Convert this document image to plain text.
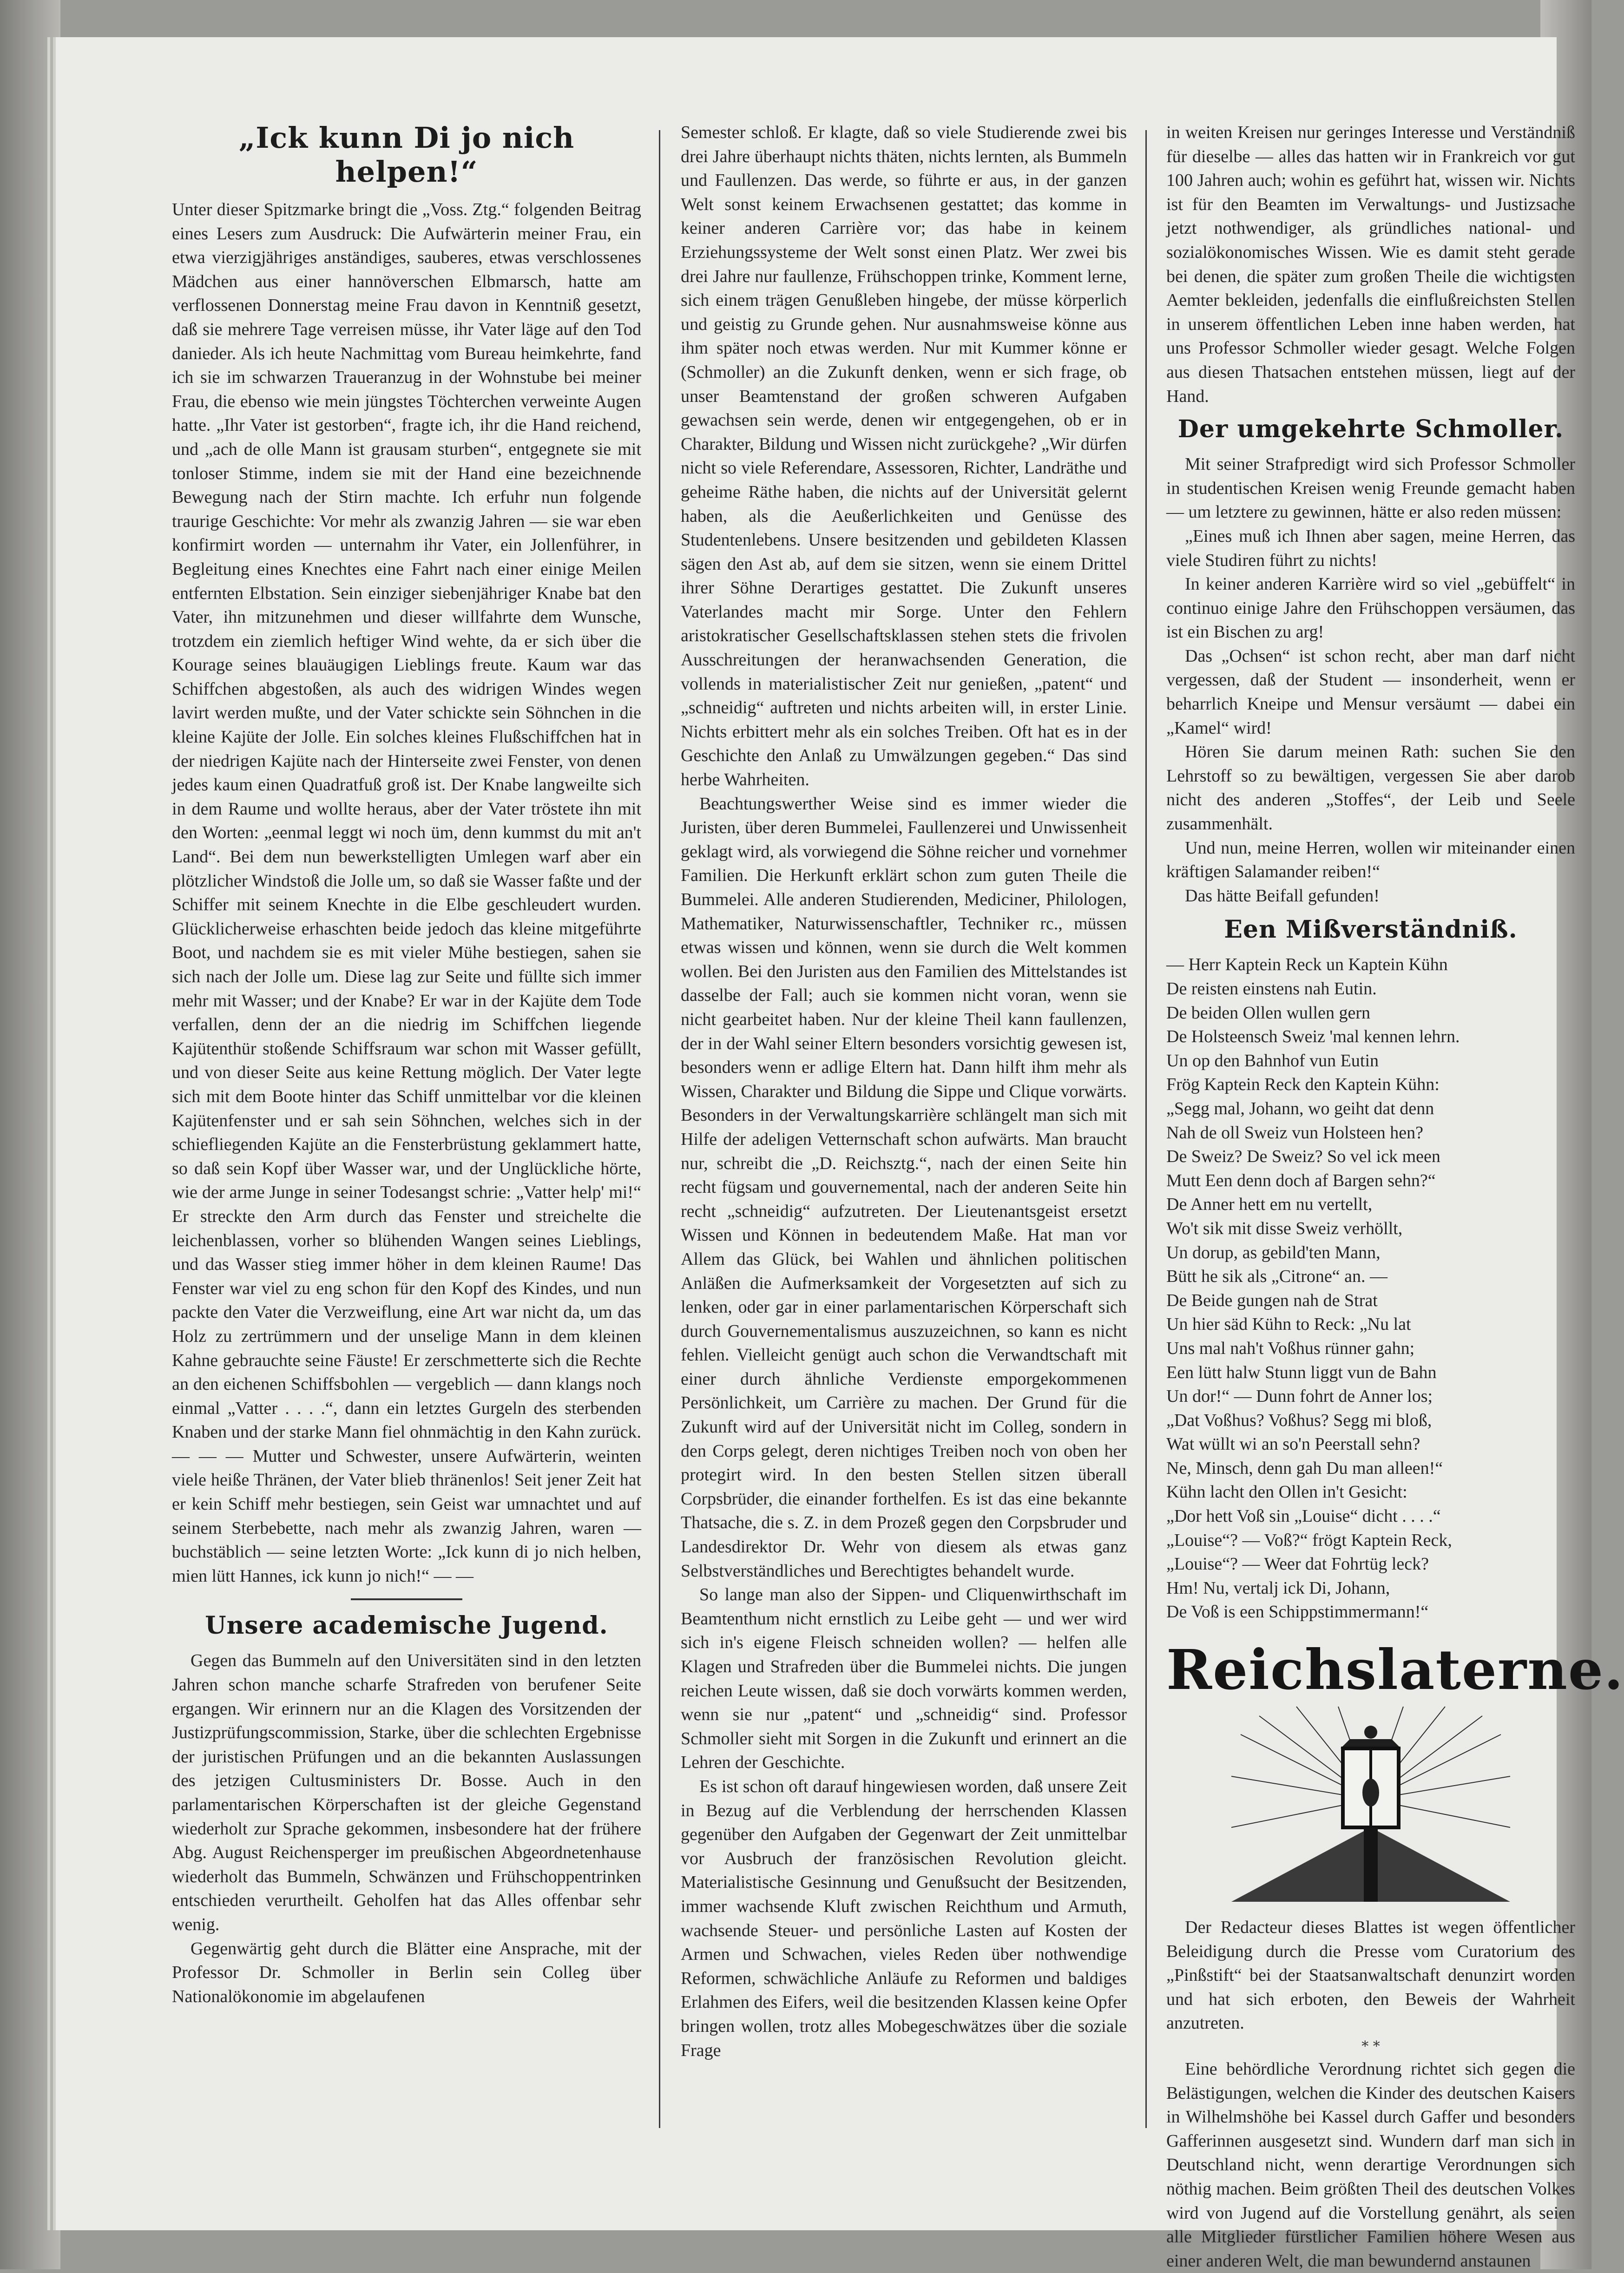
„Ick kunn Di jo nich helpen!“

Unter dieser Spitzmarke bringt die „Voss. Ztg.“ folgenden Beitrag eines Lesers zum Ausdruck: Die Aufwärterin meiner Frau, ein etwa vierzigjähriges anständiges, sauberes, etwas verschlossenes Mädchen aus einer hannöverschen Elbmarsch, hatte am verflossenen Donnerstag meine Frau davon in Kenntniß gesetzt, daß sie mehrere Tage verreisen müsse, ihr Vater läge auf den Tod danieder. Als ich heute Nachmittag vom Bureau heimkehrte, fand ich sie im schwarzen Traueranzug in der Wohnstube bei meiner Frau, die ebenso wie mein jüngstes Töchterchen verweinte Augen hatte. „Ihr Vater ist gestorben“, fragte ich, ihr die Hand reichend, und „ach de olle Mann ist grausam sturben“, entgegnete sie mit tonloser Stimme, indem sie mit der Hand eine bezeichnende Bewegung nach der Stirn machte. Ich erfuhr nun folgende traurige Geschichte: Vor mehr als zwanzig Jahren — sie war eben konfirmirt worden — unternahm ihr Vater, ein Jollenführer, in Begleitung eines Knechtes eine Fahrt nach einer einige Meilen entfernten Elbstation. Sein einziger siebenjähriger Knabe bat den Vater, ihn mitzunehmen und dieser willfahrte dem Wunsche, trotzdem ein ziemlich heftiger Wind wehte, da er sich über die Kourage seines blauäugigen Lieblings freute. Kaum war das Schiffchen abgestoßen, als auch des widrigen Windes wegen lavirt werden mußte, und der Vater schickte sein Söhnchen in die kleine Kajüte der Jolle. Ein solches kleines Flußschiffchen hat in der niedrigen Kajüte nach der Hinterseite zwei Fenster, von denen jedes kaum einen Quadratfuß groß ist. Der Knabe langweilte sich in dem Raume und wollte heraus, aber der Vater tröstete ihn mit den Worten: „eenmal leggt wi noch üm, denn kummst du mit an't Land“. Bei dem nun bewerkstelligten Umlegen warf aber ein plötzlicher Windstoß die Jolle um, so daß sie Wasser faßte und der Schiffer mit seinem Knechte in die Elbe geschleudert wurden. Glücklicherweise erhaschten beide jedoch das kleine mitgeführte Boot, und nachdem sie es mit vieler Mühe bestiegen, sahen sie sich nach der Jolle um. Diese lag zur Seite und füllte sich immer mehr mit Wasser; und der Knabe? Er war in der Kajüte dem Tode verfallen, denn der an die niedrig im Schiffchen liegende Kajütenthür stoßende Schiffsraum war schon mit Wasser gefüllt, und von dieser Seite aus keine Rettung möglich. Der Vater legte sich mit dem Boote hinter das Schiff unmittelbar vor die kleinen Kajütenfenster und er sah sein Söhnchen, welches sich in der schiefliegenden Kajüte an die Fensterbrüstung geklammert hatte, so daß sein Kopf über Wasser war, und der Unglückliche hörte, wie der arme Junge in seiner Todesangst schrie: „Vatter help' mi!“ Er streckte den Arm durch das Fenster und streichelte die leichenblassen, vorher so blühenden Wangen seines Lieblings, und das Wasser stieg immer höher in dem kleinen Raume! Das Fenster war viel zu eng schon für den Kopf des Kindes, und nun packte den Vater die Verzweiflung, eine Art war nicht da, um das Holz zu zertrümmern und der unselige Mann in dem kleinen Kahne gebrauchte seine Fäuste! Er zerschmetterte sich die Rechte an den eichenen Schiffsbohlen — vergeblich — dann klangs noch einmal „Vatter . . . .“, dann ein letztes Gurgeln des sterbenden Knaben und der starke Mann fiel ohnmächtig in den Kahn zurück. — — — Mutter und Schwester, unsere Aufwärterin, weinten viele heiße Thränen, der Vater blieb thränenlos! Seit jener Zeit hat er kein Schiff mehr bestiegen, sein Geist war umnachtet und auf seinem Sterbebette, nach mehr als zwanzig Jahren, waren — buchstäblich — seine letzten Worte: „Ick kunn di jo nich helben, mien lütt Hannes, ick kunn jo nich!“ — —

Unsere academische Jugend.

Gegen das Bummeln auf den Universitäten sind in den letzten Jahren schon manche scharfe Strafreden von berufener Seite ergangen. Wir erinnern nur an die Klagen des Vorsitzenden der Justizprüfungscommission, Starke, über die schlechten Ergebnisse der juristischen Prüfungen und an die bekannten Auslassungen des jetzigen Cultusministers Dr. Bosse. Auch in den parlamentarischen Körperschaften ist der gleiche Gegenstand wiederholt zur Sprache gekommen, insbesondere hat der frühere Abg. August Reichensperger im preußischen Abgeordnetenhause wiederholt das Bummeln, Schwänzen und Frühschoppentrinken entschieden verurtheilt. Geholfen hat das Alles offenbar sehr wenig.

Gegenwärtig geht durch die Blätter eine Ansprache, mit der Professor Dr. Schmoller in Berlin sein Colleg über Nationalökonomie im abgelaufenen

Semester schloß. Er klagte, daß so viele Studierende zwei bis drei Jahre überhaupt nichts thäten, nichts lernten, als Bummeln und Faullenzen. Das werde, so führte er aus, in der ganzen Welt sonst keinem Erwachsenen gestattet; das komme in keiner anderen Carrière vor; das habe in keinem Erziehungssysteme der Welt sonst einen Platz. Wer zwei bis drei Jahre nur faullenze, Frühschoppen trinke, Komment lerne, sich einem trägen Genußleben hingebe, der müsse körperlich und geistig zu Grunde gehen. Nur ausnahmsweise könne aus ihm später noch etwas werden. Nur mit Kummer könne er (Schmoller) an die Zukunft denken, wenn er sich frage, ob unser Beamtenstand der großen schweren Aufgaben gewachsen sein werde, denen wir entgegengehen, ob er in Charakter, Bildung und Wissen nicht zurückgehe? „Wir dürfen nicht so viele Referendare, Assessoren, Richter, Landräthe und geheime Räthe haben, die nichts auf der Universität gelernt haben, als die Aeußerlichkeiten und Genüsse des Studentenlebens. Unsere besitzenden und gebildeten Klassen sägen den Ast ab, auf dem sie sitzen, wenn sie einem Drittel ihrer Söhne Derartiges gestattet. Die Zukunft unseres Vaterlandes macht mir Sorge. Unter den Fehlern aristokratischer Gesellschaftsklassen stehen stets die frivolen Ausschreitungen der heranwachsenden Generation, die vollends in materialistischer Zeit nur genießen, „patent“ und „schneidig“ auftreten und nichts arbeiten will, in erster Linie. Nichts erbittert mehr als ein solches Treiben. Oft hat es in der Geschichte den Anlaß zu Umwälzungen gegeben.“ Das sind herbe Wahrheiten.

Beachtungswerther Weise sind es immer wieder die Juristen, über deren Bummelei, Faullenzerei und Unwissenheit geklagt wird, als vorwiegend die Söhne reicher und vornehmer Familien. Die Herkunft erklärt schon zum guten Theile die Bummelei. Alle anderen Studierenden, Mediciner, Philologen, Mathematiker, Naturwissenschaftler, Techniker rc., müssen etwas wissen und können, wenn sie durch die Welt kommen wollen. Bei den Juristen aus den Familien des Mittelstandes ist dasselbe der Fall; auch sie kommen nicht voran, wenn sie nicht gearbeitet haben. Nur der kleine Theil kann faullenzen, der in der Wahl seiner Eltern besonders vorsichtig gewesen ist, besonders wenn er adlige Eltern hat. Dann hilft ihm mehr als Wissen, Charakter und Bildung die Sippe und Clique vorwärts. Besonders in der Verwaltungskarrière schlängelt man sich mit Hilfe der adeligen Vetternschaft schon aufwärts. Man braucht nur, schreibt die „D. Reichsztg.“, nach der einen Seite hin recht fügsam und gouvernemental, nach der anderen Seite hin recht „schneidig“ aufzutreten. Der Lieutenantsgeist ersetzt Wissen und Können in bedeutendem Maße. Hat man vor Allem das Glück, bei Wahlen und ähnlichen politischen Anläßen die Aufmerksamkeit der Vorgesetzten auf sich zu lenken, oder gar in einer parlamentarischen Körperschaft sich durch Gouvernementalismus auszuzeichnen, so kann es nicht fehlen. Vielleicht genügt auch schon die Verwandtschaft mit einer durch ähnliche Verdienste emporgekommenen Persönlichkeit, um Carrière zu machen. Der Grund für die Zukunft wird auf der Universität nicht im Colleg, sondern in den Corps gelegt, deren nichtiges Treiben noch von oben her protegirt wird. In den besten Stellen sitzen überall Corpsbrüder, die einander forthelfen. Es ist das eine bekannte Thatsache, die s. Z. in dem Prozeß gegen den Corpsbruder und Landesdirektor Dr. Wehr von diesem als etwas ganz Selbstverständliches und Berechtigtes behandelt wurde.

So lange man also der Sippen- und Cliquenwirthschaft im Beamtenthum nicht ernstlich zu Leibe geht — und wer wird sich in's eigene Fleisch schneiden wollen? — helfen alle Klagen und Strafreden über die Bummelei nichts. Die jungen reichen Leute wissen, daß sie doch vorwärts kommen werden, wenn sie nur „patent“ und „schneidig“ sind. Professor Schmoller sieht mit Sorgen in die Zukunft und erinnert an die Lehren der Geschichte.

Es ist schon oft darauf hingewiesen worden, daß unsere Zeit in Bezug auf die Verblendung der herrschenden Klassen gegenüber den Aufgaben der Gegenwart der Zeit unmittelbar vor Ausbruch der französischen Revolution gleicht. Materialistische Gesinnung und Genußsucht der Besitzenden, immer wachsende Kluft zwischen Reichthum und Armuth, wachsende Steuer- und persönliche Lasten auf Kosten der Armen und Schwachen, vieles Reden über nothwendige Reformen, schwächliche Anläufe zu Reformen und baldiges Erlahmen des Eifers, weil die besitzenden Klassen keine Opfer bringen wollen, trotz alles Mobegeschwätzes über die soziale Frage

in weiten Kreisen nur geringes Interesse und Verständniß für dieselbe — alles das hatten wir in Frankreich vor gut 100 Jahren auch; wohin es geführt hat, wissen wir. Nichts ist für den Beamten im Verwaltungs- und Justizsache jetzt nothwendiger, als gründliches national- und sozialökonomisches Wissen. Wie es damit steht gerade bei denen, die später zum großen Theile die wichtigsten Aemter bekleiden, jedenfalls die einflußreichsten Stellen in unserem öffentlichen Leben inne haben werden, hat uns Professor Schmoller wieder gesagt. Welche Folgen aus diesen Thatsachen entstehen müssen, liegt auf der Hand.

Der umgekehrte Schmoller.

Mit seiner Strafpredigt wird sich Professor Schmoller in studentischen Kreisen wenig Freunde gemacht haben — um letztere zu gewinnen, hätte er also reden müssen:

„Eines muß ich Ihnen aber sagen, meine Herren, das viele Studiren führt zu nichts!

In keiner anderen Karrière wird so viel „gebüffelt“ in continuo einige Jahre den Frühschoppen versäumen, das ist ein Bischen zu arg!

Das „Ochsen“ ist schon recht, aber man darf nicht vergessen, daß der Student — insonderheit, wenn er beharrlich Kneipe und Mensur versäumt — dabei ein „Kamel“ wird!

Hören Sie darum meinen Rath: suchen Sie den Lehrstoff so zu bewältigen, vergessen Sie aber darob nicht des anderen „Stoffes“, der Leib und Seele zusammenhält.

Und nun, meine Herren, wollen wir miteinander einen kräftigen Salamander reiben!“

Das hätte Beifall gefunden!

Een Mißverständniß.
— Herr Kaptein Reck un Kaptein Kühn
De reisten einstens nah Eutin.
De beiden Ollen wullen gern
De Holsteensch Sweiz 'mal kennen lehrn.
Un op den Bahnhof vun Eutin
Frög Kaptein Reck den Kaptein Kühn:
„Segg mal, Johann, wo geiht dat denn
Nah de oll Sweiz vun Holsteen hen?
De Sweiz? De Sweiz? So vel ick meen
Mutt Een denn doch af Bargen sehn?“
De Anner hett em nu vertellt,
Wo't sik mit disse Sweiz verhöllt,
Un dorup, as gebild'ten Mann,
Bütt he sik als „Citrone“ an. —
De Beide gungen nah de Strat
Un hier säd Kühn to Reck: „Nu lat
Uns mal nah't Voßhus rünner gahn;
Een lütt halw Stunn liggt vun de Bahn
Un dor!“ — Dunn fohrt de Anner los;
„Dat Voßhus? Voßhus? Segg mi bloß,
Wat wüllt wi an so'n Peerstall sehn?
Ne, Minsch, denn gah Du man alleen!“
Kühn lacht den Ollen in't Gesicht:
„Dor hett Voß sin „Louise“ dicht . . . .“
„Louise“? — Voß?“ frögt Kaptein Reck,
„Louise“? — Weer dat Fohrtüg leck?
Hm! Nu, vertalj ick Di, Johann,
De Voß is een Schippstimmermann!“
Reichslaterne.

Der Redacteur dieses Blattes ist wegen öffentlicher Beleidigung durch die Presse vom Curatorium des „Pinßstift“ bei der Staatsanwaltschaft denunzirt worden und hat sich erboten, den Beweis der Wahrheit anzutreten.

* *

Eine behördliche Verordnung richtet sich gegen die Belästigungen, welchen die Kinder des deutschen Kaisers in Wilhelmshöhe bei Kassel durch Gaffer und besonders Gafferinnen ausgesetzt sind. Wundern darf man sich in Deutschland nicht, wenn derartige Verordnungen sich nöthig machen. Beim größten Theil des deutschen Volkes wird von Jugend auf die Vorstellung genährt, als seien alle Mitglieder fürstlicher Familien höhere Wesen aus einer anderen Welt, die man bewundernd anstaunen
